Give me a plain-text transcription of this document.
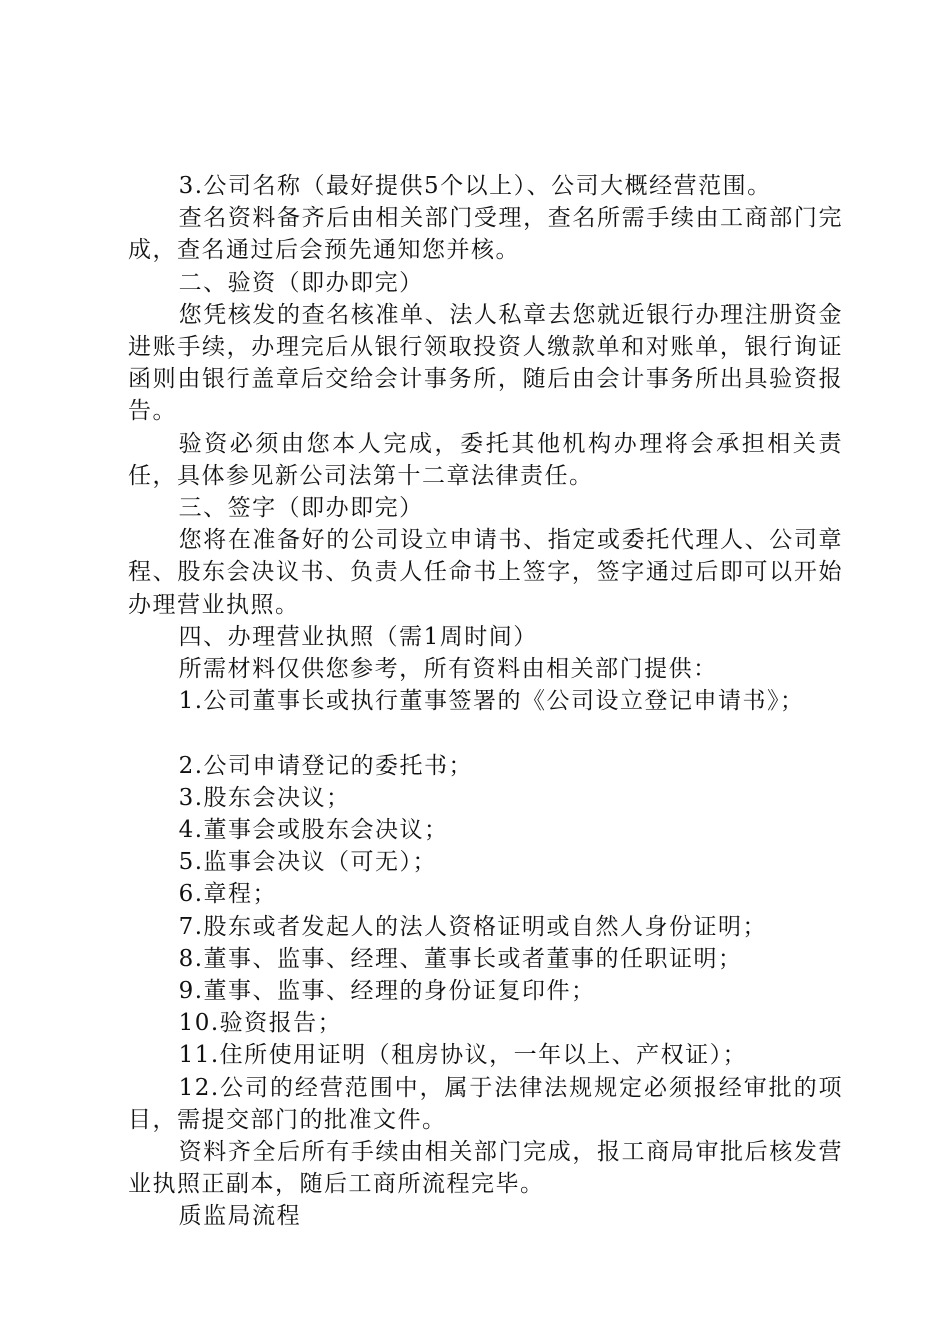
3.公司名称（最好提供5个以上）、公司大概经营范围。

查名资料备齐后由相关部门受理，查名所需手续由工商部门完成，查名通过后会预先通知您并核。

二、验资（即办即完）

您凭核发的查名核准单、法人私章去您就近银行办理注册资金进账手续，办理完后从银行领取投资人缴款单和对账单，银行询证函则由银行盖章后交给会计事务所，随后由会计事务所出具验资报告。

验资必须由您本人完成，委托其他机构办理将会承担相关责任，具体参见新公司法第十二章法律责任。

三、签字（即办即完）

您将在准备好的公司设立申请书、指定或委托代理人、公司章程、股东会决议书、负责人任命书上签字，签字通过后即可以开始办理营业执照。

四、办理营业执照（需1周时间）

所需材料仅供您参考，所有资料由相关部门提供：

1.公司董事长或执行董事签署的《公司设立登记申请书》；

2.公司申请登记的委托书；

3.股东会决议；

4.董事会或股东会决议；

5.监事会决议（可无）；

6.章程；

7.股东或者发起人的法人资格证明或自然人身份证明；

8.董事、监事、经理、董事长或者董事的任职证明；

9.董事、监事、经理的身份证复印件；

10.验资报告；

11.住所使用证明（租房协议，一年以上、产权证）；

12.公司的经营范围中，属于法律法规规定必须报经审批的项目，需提交部门的批准文件。

资料齐全后所有手续由相关部门完成，报工商局审批后核发营业执照正副本，随后工商所流程完毕。

质监局流程
